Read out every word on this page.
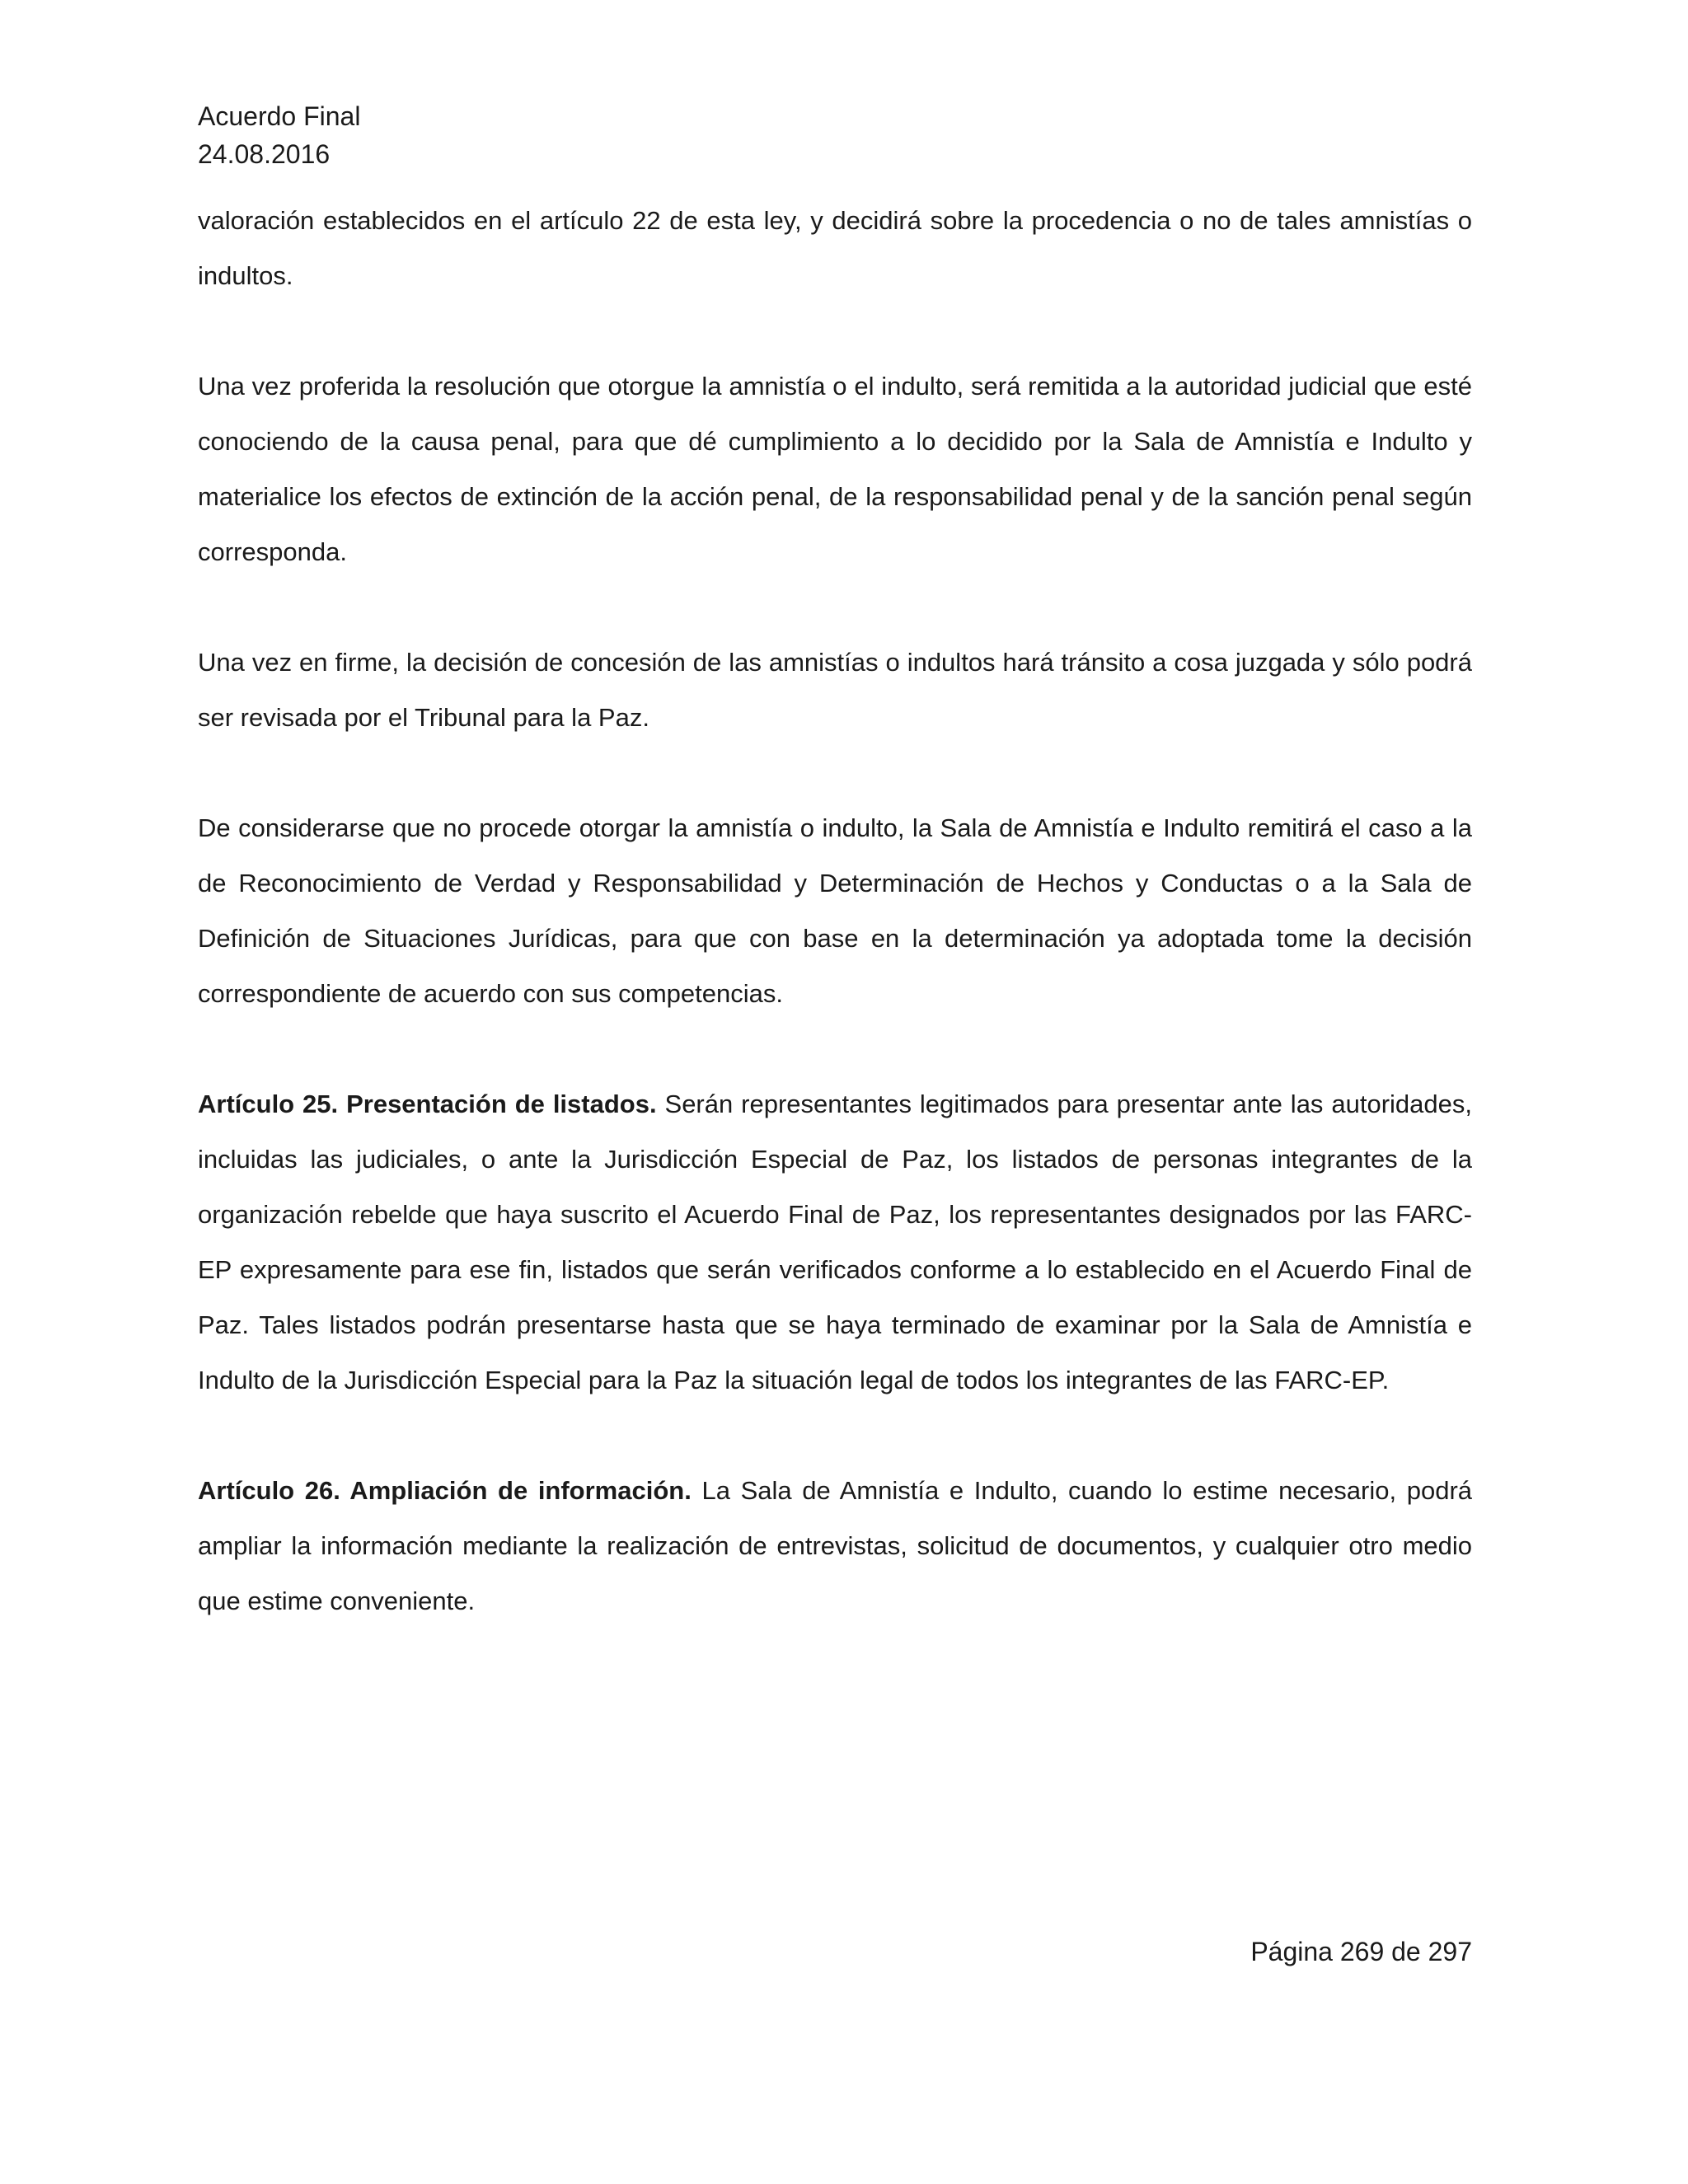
Acuerdo Final
24.08.2016

valoración establecidos en el artículo 22 de esta ley, y decidirá sobre la procedencia o no de tales amnistías o indultos.

Una vez proferida la resolución que otorgue la amnistía o el indulto, será remitida a la autoridad judicial que esté conociendo de la causa penal, para que dé cumplimiento a lo decidido por la Sala de Amnistía e Indulto y materialice los efectos de extinción de la acción penal, de la responsabilidad penal y de la sanción penal según corresponda.

Una vez en firme, la decisión de concesión de las amnistías o indultos hará tránsito a cosa juzgada y sólo podrá ser revisada por el Tribunal para la Paz.

De considerarse que no procede otorgar la amnistía o indulto, la Sala de Amnistía e Indulto remitirá el caso a la de Reconocimiento de Verdad y Responsabilidad y Determinación de Hechos y Conductas o a la Sala de Definición de Situaciones Jurídicas, para que con base en la determinación ya adoptada tome la decisión correspondiente de acuerdo con sus competencias.

Artículo 25. Presentación de listados. Serán representantes legitimados para presentar ante las autoridades, incluidas las judiciales, o ante la Jurisdicción Especial de Paz, los listados de personas integrantes de la organización rebelde que haya suscrito el Acuerdo Final de Paz, los representantes designados por las FARC-EP expresamente para ese fin, listados que serán verificados conforme a lo establecido en el Acuerdo Final de Paz. Tales listados podrán presentarse hasta que se haya terminado de examinar por la Sala de Amnistía e Indulto de la Jurisdicción Especial para la Paz la situación legal de todos los integrantes de las FARC-EP.

Artículo 26. Ampliación de información. La Sala de Amnistía e Indulto, cuando lo estime necesario, podrá ampliar la información mediante la realización de entrevistas, solicitud de documentos, y cualquier otro medio que estime conveniente.

Página 269 de 297
